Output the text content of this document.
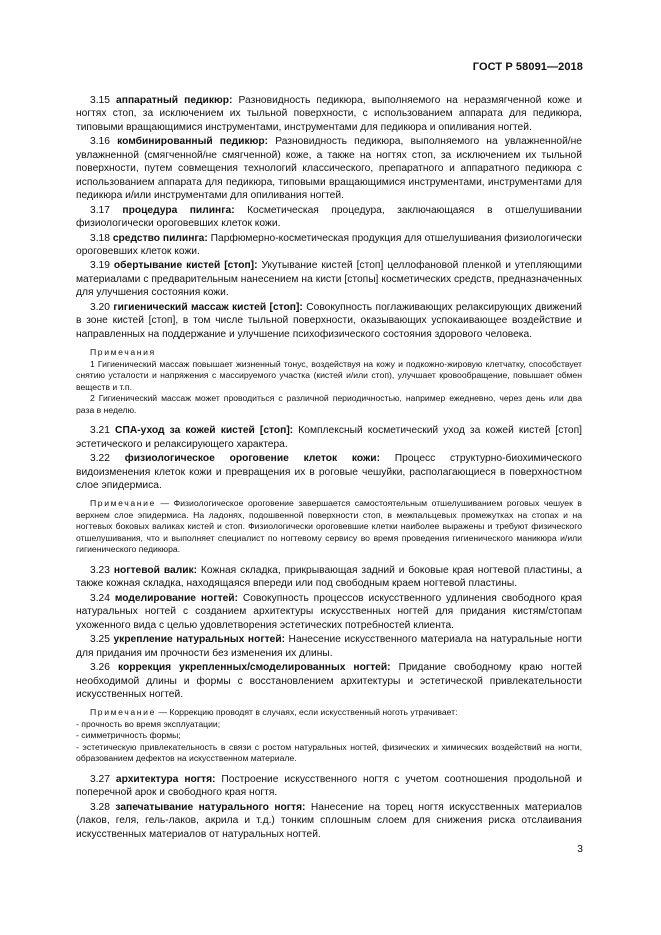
ГОСТ Р 58091—2018

3.15 аппаратный педикюр: Разновидность педикюра, выполняемого на неразмягченной коже и ногтях стоп, за исключением их тыльной поверхности, с использованием аппарата для педикюра, типовыми вращающимися инструментами, инструментами для педикюра и опиливания ногтей.

3.16 комбинированный педикюр: Разновидность педикюра, выполняемого на увлажненной/не увлажненной (смягченной/не смягченной) коже, а также на ногтях стоп, за исключением их тыльной поверхности, путем совмещения технологий классического, препаратного и аппаратного педикюра с использованием аппарата для педикюра, типовыми вращающимися инструментами, инструментами для педикюра и/или инструментами для опиливания ногтей.

3.17 процедура пилинга: Косметическая процедура, заключающаяся в отшелушивании физиологически ороговевших клеток кожи.

3.18 средство пилинга: Парфюмерно-косметическая продукция для отшелушивания физиологически ороговевших клеток кожи.

3.19 обертывание кистей [стоп]: Укутывание кистей [стоп] целлофановой пленкой и утепляющими материалами с предварительным нанесением на кисти [стопы] косметических средств, предназначенных для улучшения состояния кожи.

3.20 гигиенический массаж кистей [стоп]: Совокупность поглаживающих релаксирующих движений в зоне кистей [стоп], в том числе тыльной поверхности, оказывающих успокаивающее воздействие и направленных на поддержание и улучшение психофизического состояния здорового человека.

Примечания

1 Гигиенический массаж повышает жизненный тонус, воздействуя на кожу и подкожно-жировую клетчатку, способствует снятию усталости и напряжения с массируемого участка (кистей и/или стоп), улучшает кровообращение, повышает обмен веществ и т.п.

2 Гигиенический массаж может проводиться с различной периодичностью, например ежедневно, через день или два раза в неделю.

3.21 СПА-уход за кожей кистей [стоп]: Комплексный косметический уход за кожей кистей [стоп] эстетического и релаксирующего характера.

3.22 физиологическое ороговение клеток кожи: Процесс структурно-биохимического видоизменения клеток кожи и превращения их в роговые чешуйки, располагающиеся в поверхностном слое эпидермиса.

Примечание — Физиологическое ороговение завершается самостоятельным отшелушиванием роговых чешуек в верхнем слое эпидермиса. На ладонях, подошвенной поверхности стоп, в межпальцевых промежутках на стопах и на ногтевых боковых валиках кистей и стоп. Физиологически ороговевшие клетки наиболее выражены и требуют физического отшелушивания, что и выполняет специалист по ногтевому сервису во время проведения гигиенического маникюра и/или гигиенического педикюра.

3.23 ногтевой валик: Кожная складка, прикрывающая задний и боковые края ногтевой пластины, а также кожная складка, находящаяся впереди или под свободным краем ногтевой пластины.

3.24 моделирование ногтей: Совокупность процессов искусственного удлинения свободного края натуральных ногтей с созданием архитектуры искусственных ногтей для придания кистям/стопам ухоженного вида с целью удовлетворения эстетических потребностей клиента.

3.25 укрепление натуральных ногтей: Нанесение искусственного материала на натуральные ногти для придания им прочности без изменения их длины.

3.26 коррекция укрепленных/смоделированных ногтей: Придание свободному краю ногтей необходимой длины и формы с восстановлением архитектуры и эстетической привлекательности искусственных ногтей.

Примечание — Коррекцию проводят в случаях, если искусственный ноготь утрачивает:

- прочность во время эксплуатации;

- симметричность формы;

- эстетическую привлекательность в связи с ростом натуральных ногтей, физических и химических воздействий на ногти, образованием дефектов на искусственном материале.

3.27 архитектура ногтя: Построение искусственного ногтя с учетом соотношения продольной и поперечной арок и свободного края ногтя.

3.28 запечатывание натурального ногтя: Нанесение на торец ногтя искусственных материалов (лаков, геля, гель-лаков, акрила и т.д.) тонким сплошным слоем для снижения риска отслаивания искусственных материалов от натуральных ногтей.

3
